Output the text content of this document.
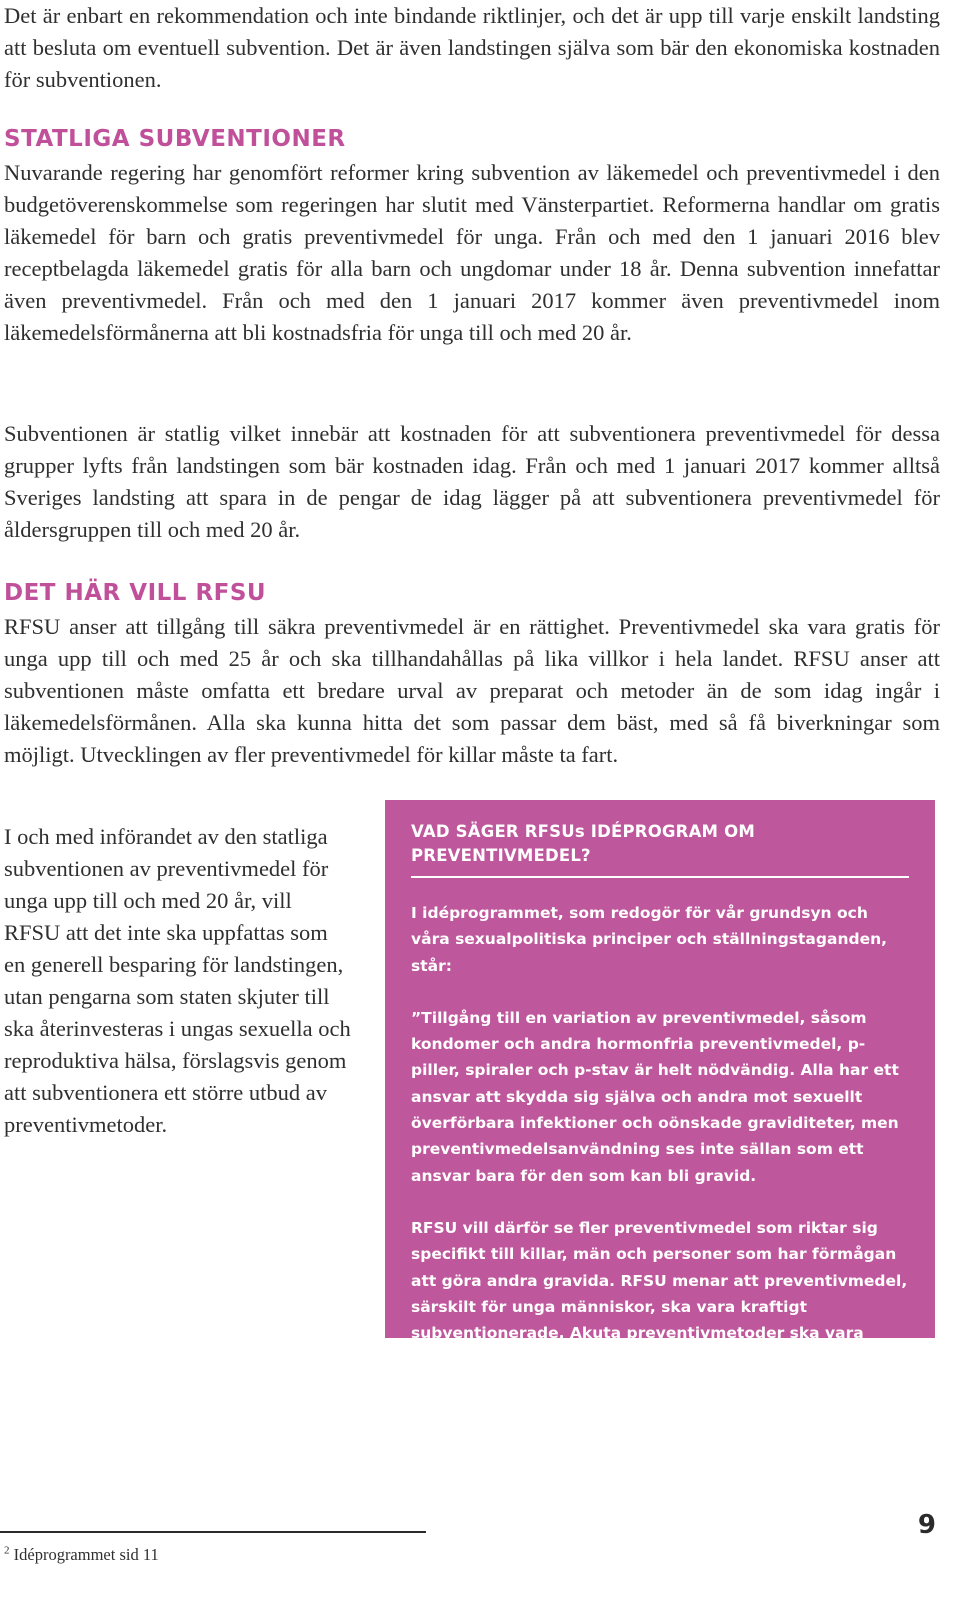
Det är enbart en rekommendation och inte bindande riktlinjer, och det är upp till varje enskilt landsting att besluta om eventuell subvention. Det är även landstingen själva som bär den ekonomiska kostnaden för subventionen.

STATLIGA SUBVENTIONER

Nuvarande regering har genomfört reformer kring subvention av läkemedel och preventivmedel i den budgetöverenskommelse som regeringen har slutit med Vänsterpartiet. Reformerna handlar om gratis läkemedel för barn och gratis preventivmedel för unga. Från och med den 1 januari 2016 blev receptbelagda läkemedel gratis för alla barn och ungdomar under 18 år. Denna subvention innefattar även preventivmedel. Från och med den 1 januari 2017 kommer även preventivmedel inom läkemedelsförmånerna att bli kostnadsfria för unga till och med 20 år.

Subventionen är statlig vilket innebär att kostnaden för att subventionera preventivmedel för dessa grupper lyfts från landstingen som bär kostnaden idag. Från och med 1 januari 2017 kommer alltså Sveriges landsting att spara in de pengar de idag lägger på att subventionera preventivmedel för åldersgruppen till och med 20 år.

DET HÄR VILL RFSU

RFSU anser att tillgång till säkra preventivmedel är en rättighet. Preventivmedel ska vara gratis för unga upp till och med 25 år och ska tillhandahållas på lika villkor i hela landet. RFSU anser att subventionen måste omfatta ett bredare urval av preparat och metoder än de som idag ingår i läkemedelsförmånen. Alla ska kunna hitta det som passar dem bäst, med så få biverkningar som möjligt. Utvecklingen av fler preventivmedel för killar måste ta fart.

I och med införandet av den statliga subventionen av preventivmedel för unga upp till och med 20 år, vill RFSU att det inte ska uppfattas som en generell besparing för landstingen, utan pengarna som staten skjuter till ska återinvesteras i ungas sexuella och reproduktiva hälsa, förslagsvis genom att subventionera ett större utbud av preventivmetoder.

VAD SÄGER RFSUs IDÉPROGRAM OM PREVENTIVMEDEL?

I idéprogrammet, som redogör för vår grundsyn och våra sexualpolitiska principer och ställningstaganden, står:

”Tillgång till en variation av preventivmedel, såsom kondomer och andra hormonfria preventivmedel, p-piller, spiraler och p-stav är helt nödvändig. Alla har ett ansvar att skydda sig själva och andra mot sexuellt överförbara infektioner och oönskade graviditeter, men preventivmedelsanvändning ses inte sällan som ett ansvar bara för den som kan bli gravid.

RFSU vill därför se fler preventivmedel som riktar sig specifikt till killar, män och personer som har förmågan att göra andra gravida. RFSU menar att preventivmedel, särskilt för unga människor, ska vara kraftigt subventionerade. Akuta preventivmetoder ska vara gratis.”$^2$

$^2$ Idéprogrammet sid 11
9
